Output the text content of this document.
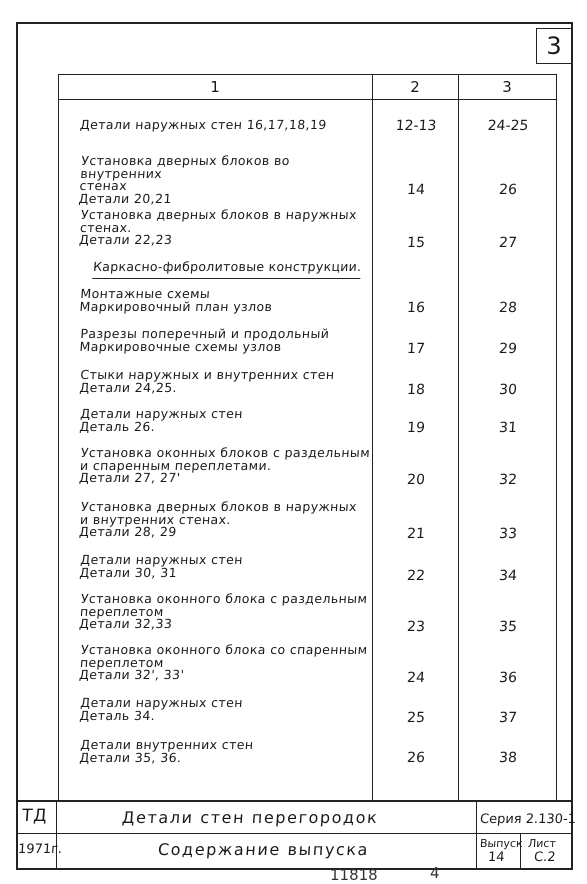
3
1	2	3
Детали наружных стен 16,17,18,19	12-13	24-25
Установка дверных блоков во внутренних
стенах
Детали 20,21	14	26
Установка дверных блоков в наружных
стенах.
Детали 22,23	15	27
Каркасно-фибролитовые конструкции.
Монтажные схемы
Маркировочный план узлов	16	28
Разрезы поперечный и продольный
Маркировочные схемы узлов	17	29
Стыки наружных и внутренних стен
Детали 24,25.	18	30
Детали наружных стен
Деталь 26.	19	31
Установка оконных блоков с раздельным
и спаренным переплетами.
Детали 27, 27'	20	32
Установка дверных блоков в наружных
и внутренних стенах.
Детали 28, 29	21	33
Детали наружных стен
Детали 30, 31	22	34
Установка оконного блока с раздельным
переплетом
Детали 32,33	23	35
Установка оконного блока со спаренным
переплетом
Детали 32', 33'	24	36
Детали наружных стен
Деталь 34.	25	37
Детали внутренних стен
Детали 35, 36.	26	38
ТД
1971г.
Детали стен перегородок
Содержание выпуска
Серия 2.130-1
Выпуск
14
Лист
С.2
11818	4
